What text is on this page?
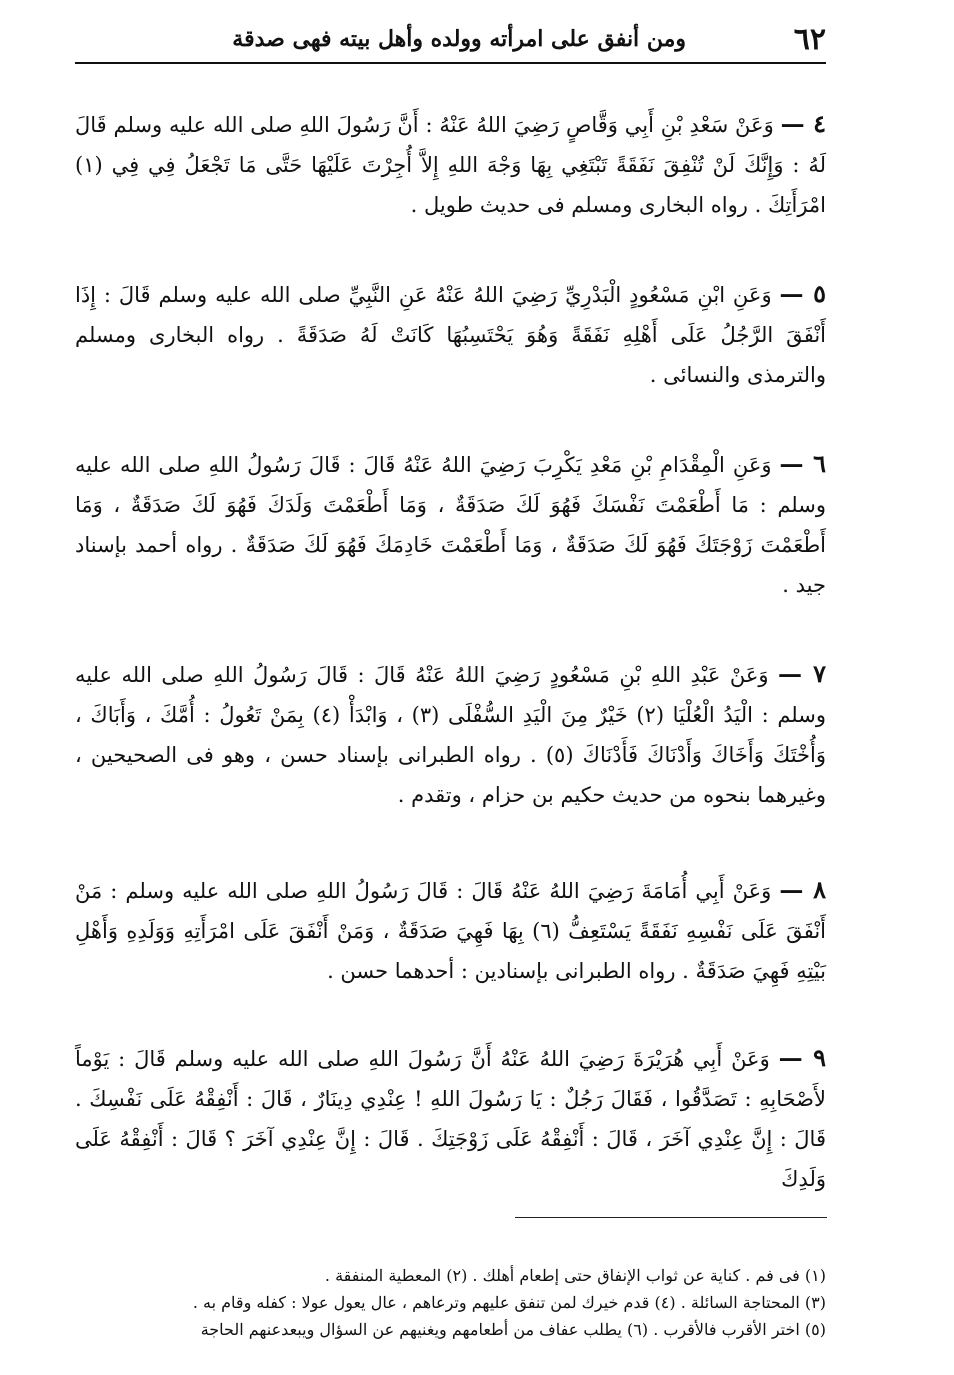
٦٢
ومن أنفق على امرأته وولده وأهل بيته فهى صدقة
٤ — وَعَنْ سَعْدِ بْنِ أَبِي وَقَّاصٍ رَضِيَ اللهُ عَنْهُ : أَنَّ رَسُولَ اللهِ صلى الله عليه وسلم قَالَ لَهُ : وَإِنَّكَ لَنْ تُنْفِقَ نَفَقَةً تَبْتَغِي بِهَا وَجْهَ اللهِ إِلاَّ أُجِرْتَ عَلَيْهَا حَتَّى مَا تَجْعَلُ فِي فِي (١) امْرَأَتِكَ . رواه البخارى ومسلم فى حديث طويل .
٥ — وَعَنِ ابْنِ مَسْعُودٍ الْبَدْرِيِّ رَضِيَ اللهُ عَنْهُ عَنِ النَّبِيِّ صلى الله عليه وسلم قَالَ : إِذَا أَنْفَقَ الرَّجُلُ عَلَى أَهْلِهِ نَفَقَةً وَهُوَ يَحْتَسِبُهَا كَانَتْ لَهُ صَدَقَةً . رواه البخارى ومسلم والترمذى والنسائى .
٦ — وَعَنِ الْمِقْدَامِ بْنِ مَعْدِ يَكْرِبَ رَضِيَ اللهُ عَنْهُ قَالَ : قَالَ رَسُولُ اللهِ صلى الله عليه وسلم : مَا أَطْعَمْتَ نَفْسَكَ فَهُوَ لَكَ صَدَقَةٌ ، وَمَا أَطْعَمْتَ وَلَدَكَ فَهُوَ لَكَ صَدَقَةٌ ، وَمَا أَطْعَمْتَ زَوْجَتَكَ فَهُوَ لَكَ صَدَقَةٌ ، وَمَا أَطْعَمْتَ خَادِمَكَ فَهُوَ لَكَ صَدَقَةٌ . رواه أحمد بإسناد جيد .
٧ — وَعَنْ عَبْدِ اللهِ بْنِ مَسْعُودٍ رَضِيَ اللهُ عَنْهُ قَالَ : قَالَ رَسُولُ اللهِ صلى الله عليه وسلم : الْيَدُ الْعُلْيَا (٢) خَيْرٌ مِنَ الْيَدِ السُّفْلَى (٣) ، وَابْدَأْ (٤) بِمَنْ تَعُولُ : أُمَّكَ ، وَأَبَاكَ ، وَأُخْتَكَ وَأَخَاكَ وَأَدْنَاكَ فَأَدْنَاكَ (٥) . رواه الطبرانى بإسناد حسن ، وهو فى الصحيحين ، وغيرهما بنحوه من حديث حكيم بن حزام ، وتقدم .
٨ — وَعَنْ أَبِي أُمَامَةَ رَضِيَ اللهُ عَنْهُ قَالَ : قَالَ رَسُولُ اللهِ صلى الله عليه وسلم : مَنْ أَنْفَقَ عَلَى نَفْسِهِ نَفَقَةً يَسْتَعِفُّ (٦) بِهَا فَهِيَ صَدَقَةٌ ، وَمَنْ أَنْفَقَ عَلَى امْرَأَتِهِ وَوَلَدِهِ وَأَهْلِ بَيْتِهِ فَهِيَ صَدَقَةٌ . رواه الطبرانى بإسنادين : أحدهما حسن .
٩ — وَعَنْ أَبِي هُرَيْرَةَ رَضِيَ اللهُ عَنْهُ أَنَّ رَسُولَ اللهِ صلى الله عليه وسلم قَالَ : يَوْماً لأَصْحَابِهِ : تَصَدَّقُوا ، فَقَالَ رَجُلٌ : يَا رَسُولَ اللهِ ! عِنْدِي دِينَارٌ ، قَالَ : أَنْفِقْهُ عَلَى نَفْسِكَ . قَالَ : إِنَّ عِنْدِي آخَرَ ، قَالَ : أَنْفِقْهُ عَلَى زَوْجَتِكَ . قَالَ : إِنَّ عِنْدِي آخَرَ ؟ قَالَ : أَنْفِقْهُ عَلَى وَلَدِكَ
(١) فى فم . كناية عن ثواب الإنفاق حتى إطعام أهلك . (٢) المعطية المنفقة .
(٣) المحتاجة السائلة . (٤) قدم خيرك لمن تنفق عليهم وترعاهم ، عال يعول عولا : كفله وقام به .
(٥) اختر الأقرب فالأقرب . (٦) يطلب عفاف من أطعامهم ويغنيهم عن السؤال ويبعدعنهم الحاجة
